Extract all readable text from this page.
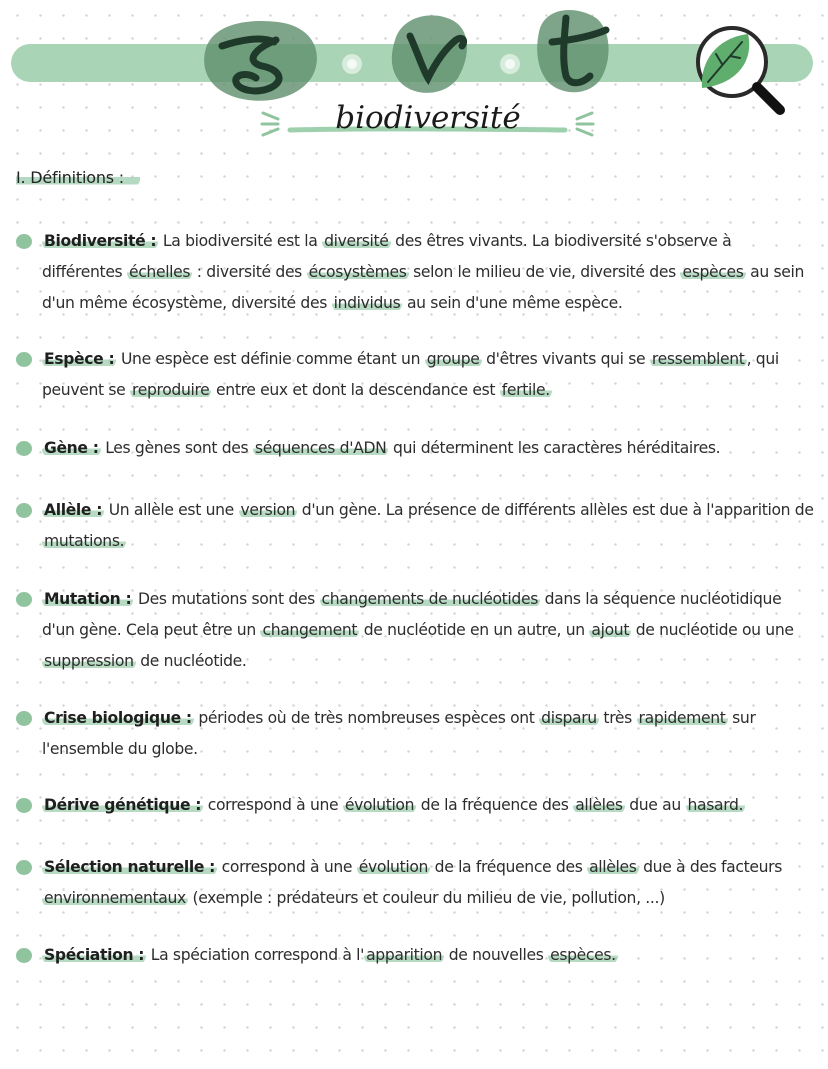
biodiversité
I. Définitions :
Biodiversité : La biodiversité est la diversité des êtres vivants. La biodiversité s'observe à différentes échelles : diversité des écosystèmes selon le milieu de vie, diversité des espèces au sein d'un même écosystème, diversité des individus au sein d'une même espèce.
Espèce : Une espèce est définie comme étant un groupe d'êtres vivants qui se ressemblent , qui peuvent se reproduire entre eux et dont la descendance est fertile.
Gène : Les gènes sont des séquences d'ADN qui déterminent les caractères héréditaires.
Allèle : Un allèle est une version d'un gène. La présence de différents allèles est due à l'apparition de mutations.
Mutation : Des mutations sont des changements de nucléotides dans la séquence nucléotidique d'un gène. Cela peut être un changement de nucléotide en un autre, un ajout de nucléotide ou une suppression de nucléotide.
Crise biologique : périodes où de très nombreuses espèces ont disparu très rapidement sur l'ensemble du globe.
Dérive génétique : correspond à une évolution de la fréquence des allèles due au hasard.
Sélection naturelle : correspond à une évolution de la fréquence des allèles due à des facteurs environnementaux (exemple : prédateurs et couleur du milieu de vie, pollution, ...)
Spéciation : La spéciation correspond à l' apparition de nouvelles espèces.
